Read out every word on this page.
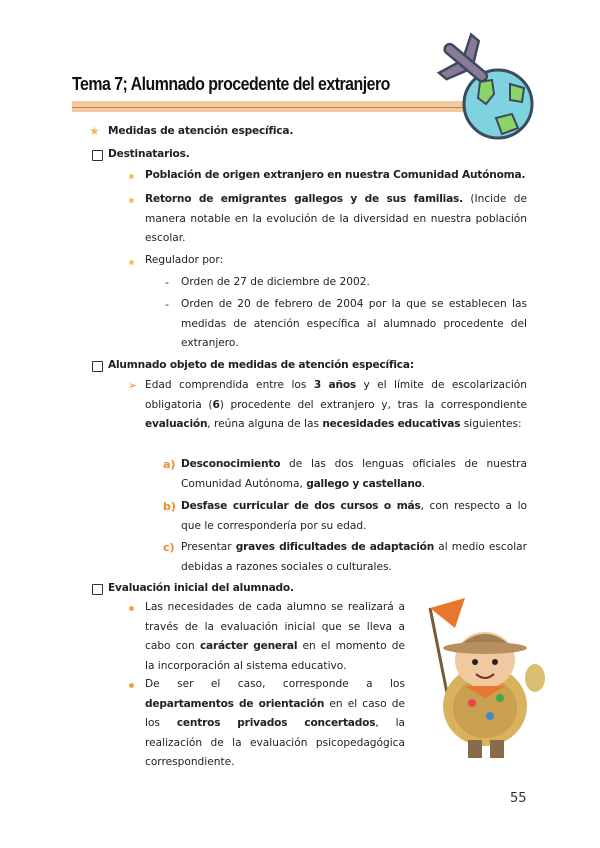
Tema 7; Alumnado procedente del extranjero
★ Medidas de atención específica.
Destinatarios.
Población de origen extranjero en nuestra Comunidad Autónoma.
Retorno de emigrantes gallegos y de sus familias. (Incide de manera notable en la evolución de la diversidad en nuestra población escolar.
Regulador por:
- Orden de 27 de diciembre de 2002.
- Orden de 20 de febrero de 2004 por la que se establecen las medidas de atención específica al alumnado procedente del extranjero.
Alumnado objeto de medidas de atención específica:
➢ Edad comprendida entre los 3 años y el límite de escolarización obligatoria (6) procedente del extranjero y, tras la correspondiente evaluación, reúna alguna de las necesidades educativas siguientes:
a) Desconocimiento de las dos lenguas oficiales de nuestra Comunidad Autónoma, gallego y castellano.
b) Desfase curricular de dos cursos o más, con respecto a lo que le correspondería por su edad.
c) Presentar graves dificultades de adaptación al medio escolar debidas a razones sociales o culturales.
Evaluación inicial del alumnado.
Las necesidades de cada alumno se realizará a través de la evaluación inicial que se lleva a cabo con carácter general en el momento de la incorporación al sistema educativo.
De ser el caso, corresponde a los departamentos de orientación en el caso de los centros privados concertados, la realización de la evaluación psicopedagógica correspondiente.
55
